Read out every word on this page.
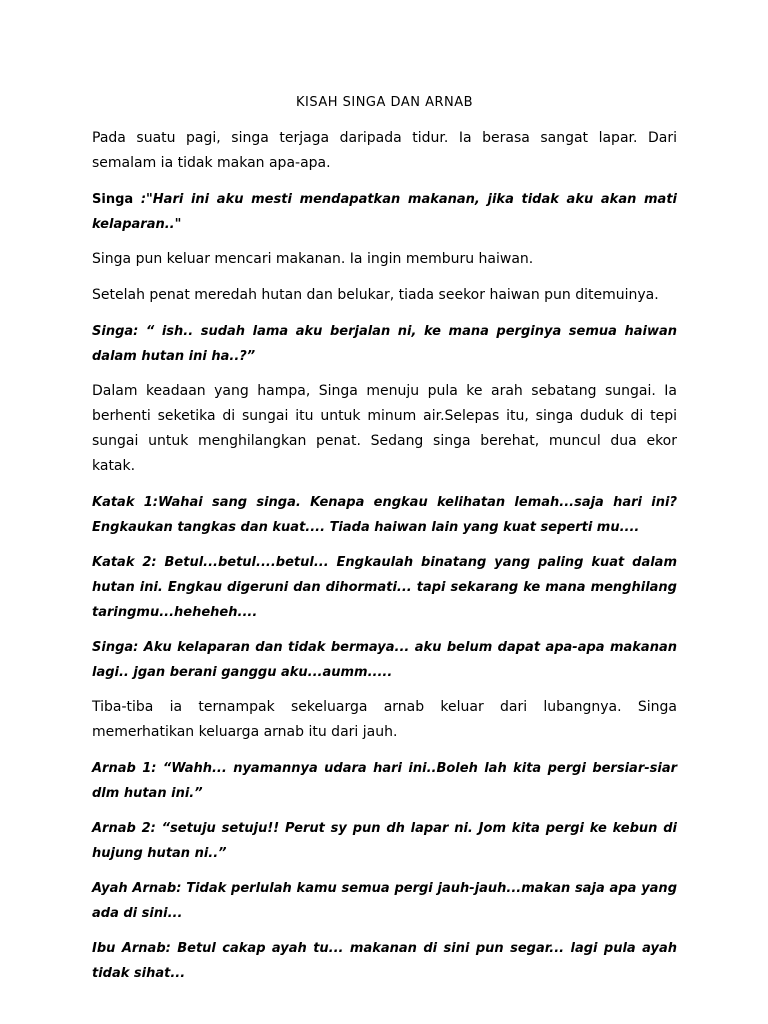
KISAH SINGA DAN ARNAB

Pada suatu pagi, singa terjaga daripada tidur. Ia berasa sangat lapar. Dari semalam ia tidak makan apa-apa.

Singa :"Hari ini aku mesti mendapatkan makanan, jika tidak aku akan mati kelaparan.."

Singa pun keluar mencari makanan. Ia ingin memburu haiwan.

Setelah penat meredah hutan dan belukar, tiada seekor haiwan pun ditemuinya.

Singa: “ ish.. sudah lama aku berjalan ni, ke mana perginya semua haiwan dalam hutan ini ha..?”

Dalam keadaan yang hampa, Singa menuju pula ke arah sebatang sungai. Ia berhenti seketika di sungai itu untuk minum air.Selepas itu, singa duduk di tepi sungai untuk menghilangkan penat. Sedang singa berehat, muncul dua ekor katak.

Katak 1:Wahai sang singa. Kenapa engkau kelihatan lemah...saja hari ini? Engkaukan tangkas dan kuat.... Tiada haiwan lain yang kuat seperti mu....

Katak 2: Betul...betul....betul... Engkaulah binatang yang paling kuat dalam hutan ini. Engkau digeruni dan dihormati... tapi sekarang ke mana menghilang taringmu...heheheh....

Singa: Aku kelaparan dan tidak bermaya... aku belum dapat apa-apa makanan lagi.. jgan berani ganggu aku...aumm.....

Tiba-tiba ia ternampak sekeluarga arnab keluar dari lubangnya. Singa memerhatikan keluarga arnab itu dari jauh.

Arnab 1: “Wahh... nyamannya udara hari ini..Boleh lah kita pergi bersiar-siar dlm hutan ini.”

Arnab 2: “setuju setuju!! Perut sy pun dh lapar ni. Jom kita pergi ke kebun di hujung hutan ni..”

Ayah Arnab: Tidak perlulah kamu semua pergi jauh-jauh...makan saja apa yang ada di sini...

Ibu Arnab: Betul cakap ayah tu... makanan di sini pun segar... lagi pula ayah tidak sihat...
